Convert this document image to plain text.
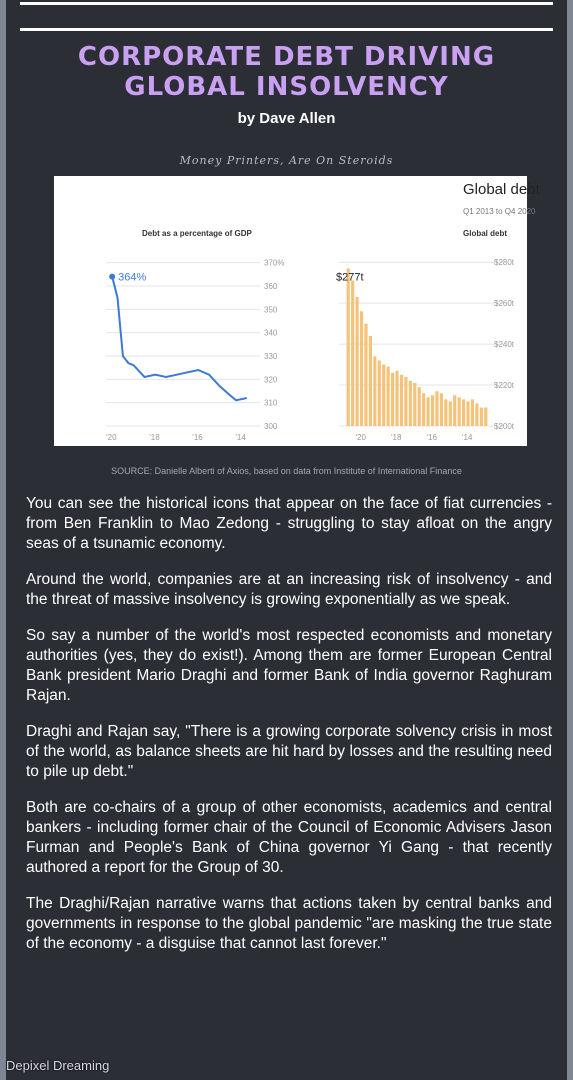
CORPORATE DEBT DRIVING GLOBAL INSOLVENCY
by Dave Allen
Money Printers, Are On Steroids
Global debt
Q1 2013 to Q4 2020
Debt as a percentage of GDP	Global debt
300
310
320
330
340
350
360
370%
'14
'16
'18
'20
364%
$200t
$220t
$240t
$260t
$280t
'14
'16
'18
'20
$277t
SOURCE: Danielle Alberti of Axios, based on data from Institute of International Finance

You can see the historical icons that appear on the face of fiat currencies - from Ben Franklin to Mao Zedong - struggling to stay afloat on the angry seas of a tsunamic economy.

Around the world, companies are at an increasing risk of insolvency - and the threat of massive insolvency is growing exponentially as we speak.

So say a number of the world's most respected economists and monetary authorities (yes, they do exist!). Among them are former European Central Bank president Mario Draghi and former Bank of India governor Raghuram Rajan.

Draghi and Rajan say, "There is a growing corporate solvency crisis in most of the world, as balance sheets are hit hard by losses and the resulting need to pile up debt."

Both are co-chairs of a group of other economists, academics and central bankers - including former chair of the Council of Economic Advisers Jason Furman and People's Bank of China governor Yi Gang - that recently authored a report for the Group of 30.

The Draghi/Rajan narrative warns that actions taken by central banks and governments in response to the global pandemic "are masking the true state of the economy - a disguise that cannot last forever."

Depixel Dreaming
